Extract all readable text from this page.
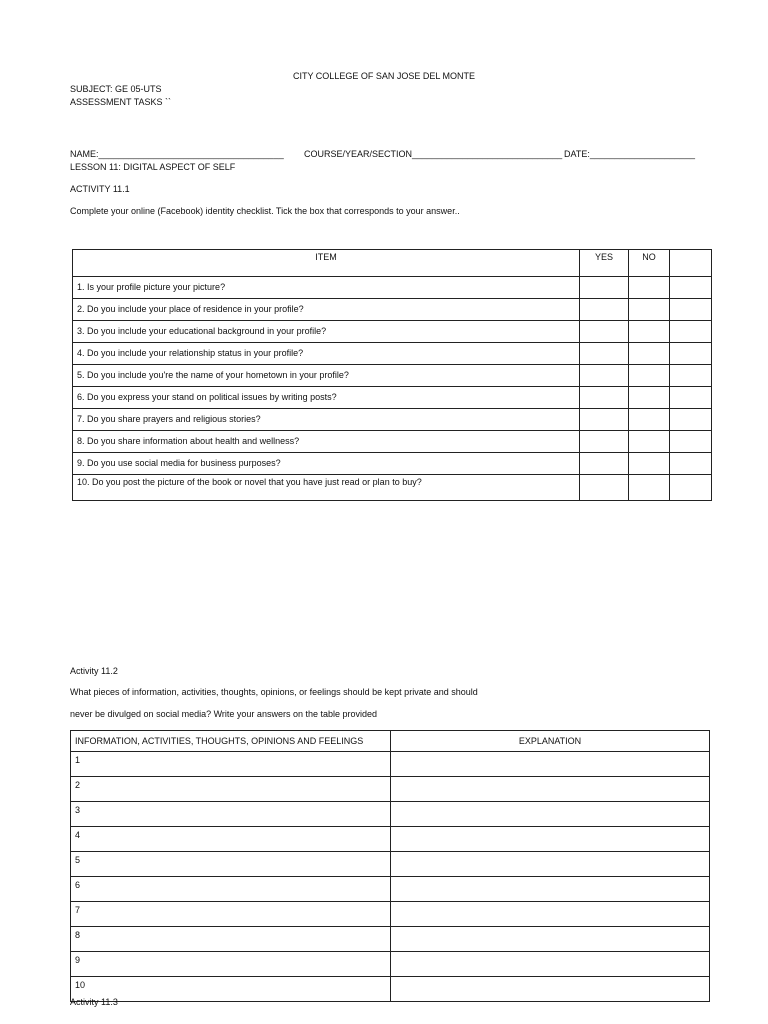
CITY COLLEGE OF SAN JOSE DEL MONTE
SUBJECT: GE 05-UTS
ASSESSMENT TASKS ``
NAME:_____________________________________ COURSE/YEAR/SECTION______________________________ DATE:_____________________
LESSON 11: DIGITAL ASPECT OF SELF
ACTIVITY 11.1
Complete your online (Facebook) identity checklist. Tick the box that corresponds to your answer..
ITEM	YES	NO	
1. Is your profile picture your picture?			
2. Do you include your place of residence in your profile?			
3. Do you include your educational background in your profile?			
4. Do you include your relationship status in your profile?			
5. Do you include you're the name of your hometown in your profile?			
6. Do you express your stand on political issues by writing posts?			
7. Do you share prayers and religious stories?			
8. Do you share information about health and wellness?			
9. Do you use social media for business purposes?			
10. Do you post the picture of the book or novel that you have just read or plan to buy?			
Activity 11.2
What pieces of information, activities, thoughts, opinions, or feelings should be kept private and should
never be divulged on social media? Write your answers on the table provided
INFORMATION, ACTIVITIES, THOUGHTS, OPINIONS AND FEELINGS	EXPLANATION
1	
2	
3	
4	
5	
6	
7	
8	
9	
10	
Activity 11.3
